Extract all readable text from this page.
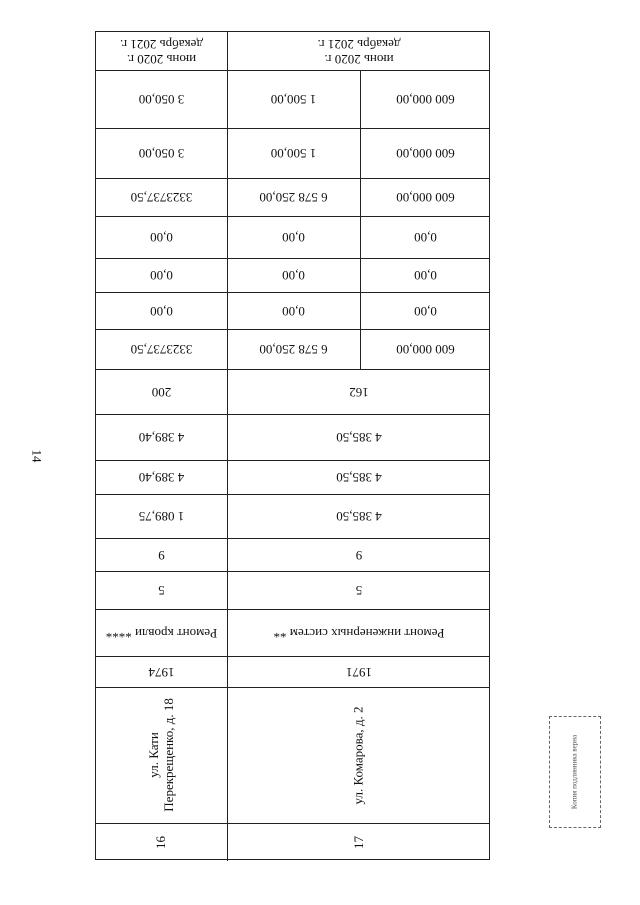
14
июнь 2020 г.
декабрь 2021 г.
июнь 2020 г.
декабрь 2021 г.
3 050,00	1 500,00	600 000,00
3 050,00	1 500,00	600 000,00
3323737,50	6 578 250,00	600 000,00
0,00	0,00	0,00
0,00	0,00	0,00
0,00	0,00	0,00
3323737,50	6 578 250,00	600 000,00
200	162
4 389,40	4 385,50
4 389,40	4 385,50
1 089,75	4 385,50
9	9
5	5
Ремонт кровли ****	Ремонт инженерных систем **
1974	1971
ул. Кати Перекрещенко, д. 18	ул. Комарова, д. 2
16	17
Копия подлинника верна
